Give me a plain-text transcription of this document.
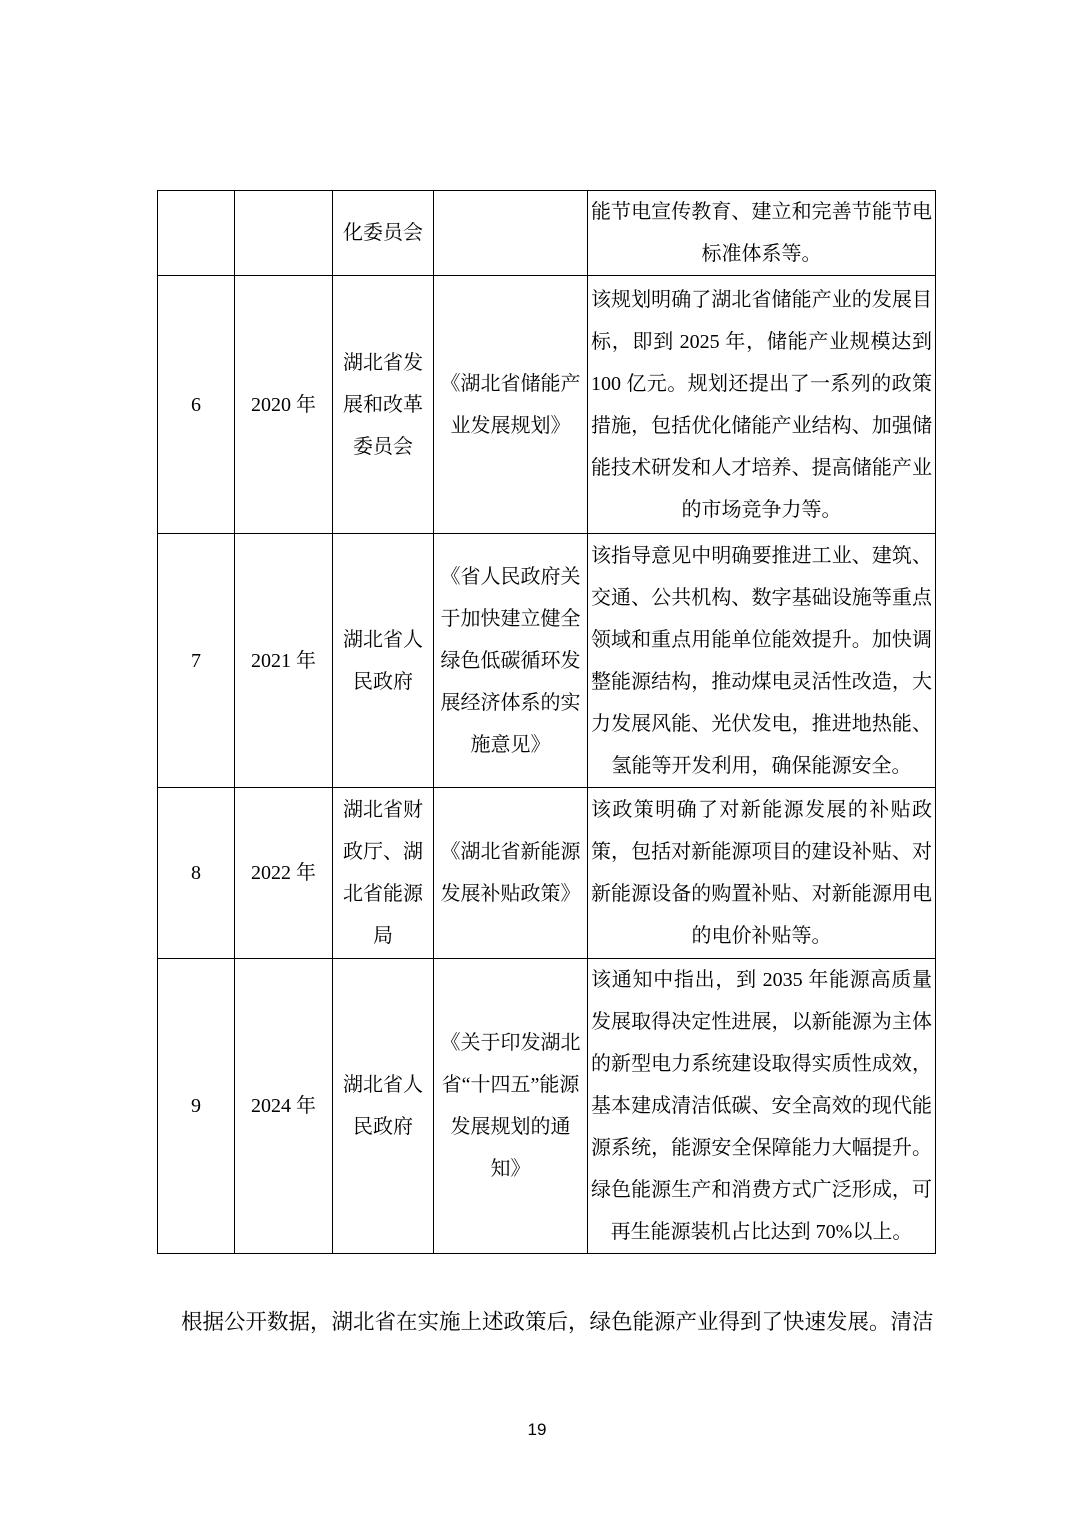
		化委员会		能节电宣传教育、建立和完善节能节电标准体系等。
6	2020 年	湖北省发展和改革委员会	《湖北省储能产业发展规划》	该规划明确了湖北省储能产业的发展目标，即到 2025 年，储能产业规模达到 100 亿元。规划还提出了一系列的政策措施，包括优化储能产业结构、加强储能技术研发和人才培养、提高储能产业的市场竞争力等。
7	2021 年	湖北省人民政府	《省人民政府关于加快建立健全绿色低碳循环发展经济体系的实施意见》	该指导意见中明确要推进工业、建筑、交通、公共机构、数字基础设施等重点领域和重点用能单位能效提升。加快调整能源结构，推动煤电灵活性改造，大力发展风能、光伏发电，推进地热能、氢能等开发利用，确保能源安全。
8	2022 年	湖北省财政厅、湖北省能源局	《湖北省新能源发展补贴政策》	该政策明确了对新能源发展的补贴政策，包括对新能源项目的建设补贴、对新能源设备的购置补贴、对新能源用电的电价补贴等。
9	2024 年	湖北省人民政府	《关于印发湖北省“十四五”能源发展规划的通知》	该通知中指出，到 2035 年能源高质量发展取得决定性进展，以新能源为主体的新型电力系统建设取得实质性成效，基本建成清洁低碳、安全高效的现代能源系统，能源安全保障能力大幅提升。绿色能源生产和消费方式广泛形成，可再生能源装机占比达到 70%以上。
根据公开数据，湖北省在实施上述政策后，绿色能源产业得到了快速发展。清洁
19
